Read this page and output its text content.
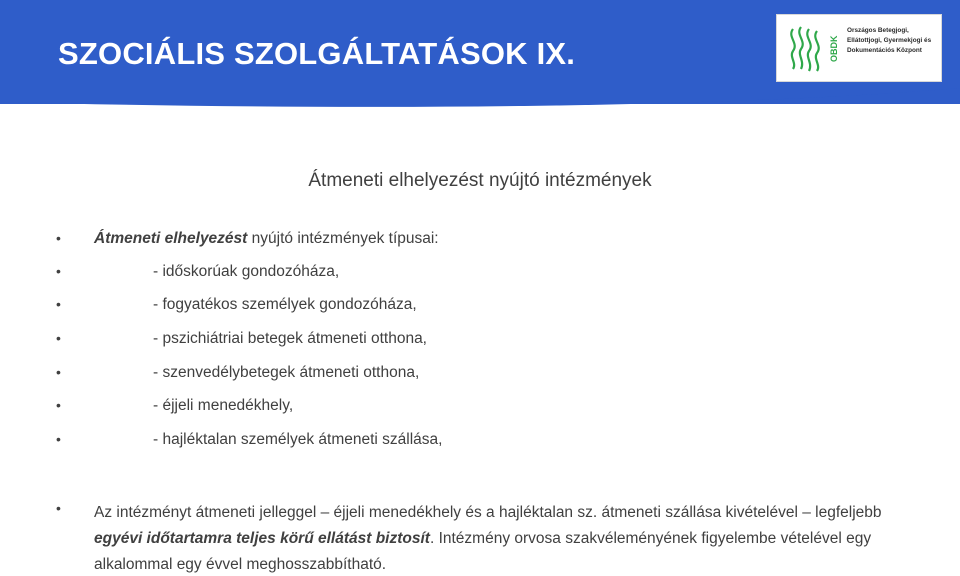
SZOCIÁLIS SZOLGÁLTATÁSOK IX.	OBDK
Országos Betegjogi,
Ellátottjogi, Gyermekjogi és
Dokumentációs Központ
Átmeneti elhelyezést nyújtó intézmények
• Átmeneti elhelyezést nyújtó intézmények típusai:
•	- időskorúak gondozóháza,
•	- fogyatékos személyek gondozóháza,
•	- pszichiátriai betegek átmeneti otthona,
•	- szenvedélybetegek átmeneti otthona,
•	- éjjeli menedékhely,
•	- hajléktalan személyek átmeneti szállása,
• Az intézményt átmeneti jelleggel – éjjeli menedékhely és a hajléktalan sz. átmeneti szállása kivételével – legfeljebb egyévi időtartamra teljes körű ellátást biztosít. Intézmény orvosa szakvéleményének figyelembe vételével egy alkalommal egy évvel meghosszabbítható.
